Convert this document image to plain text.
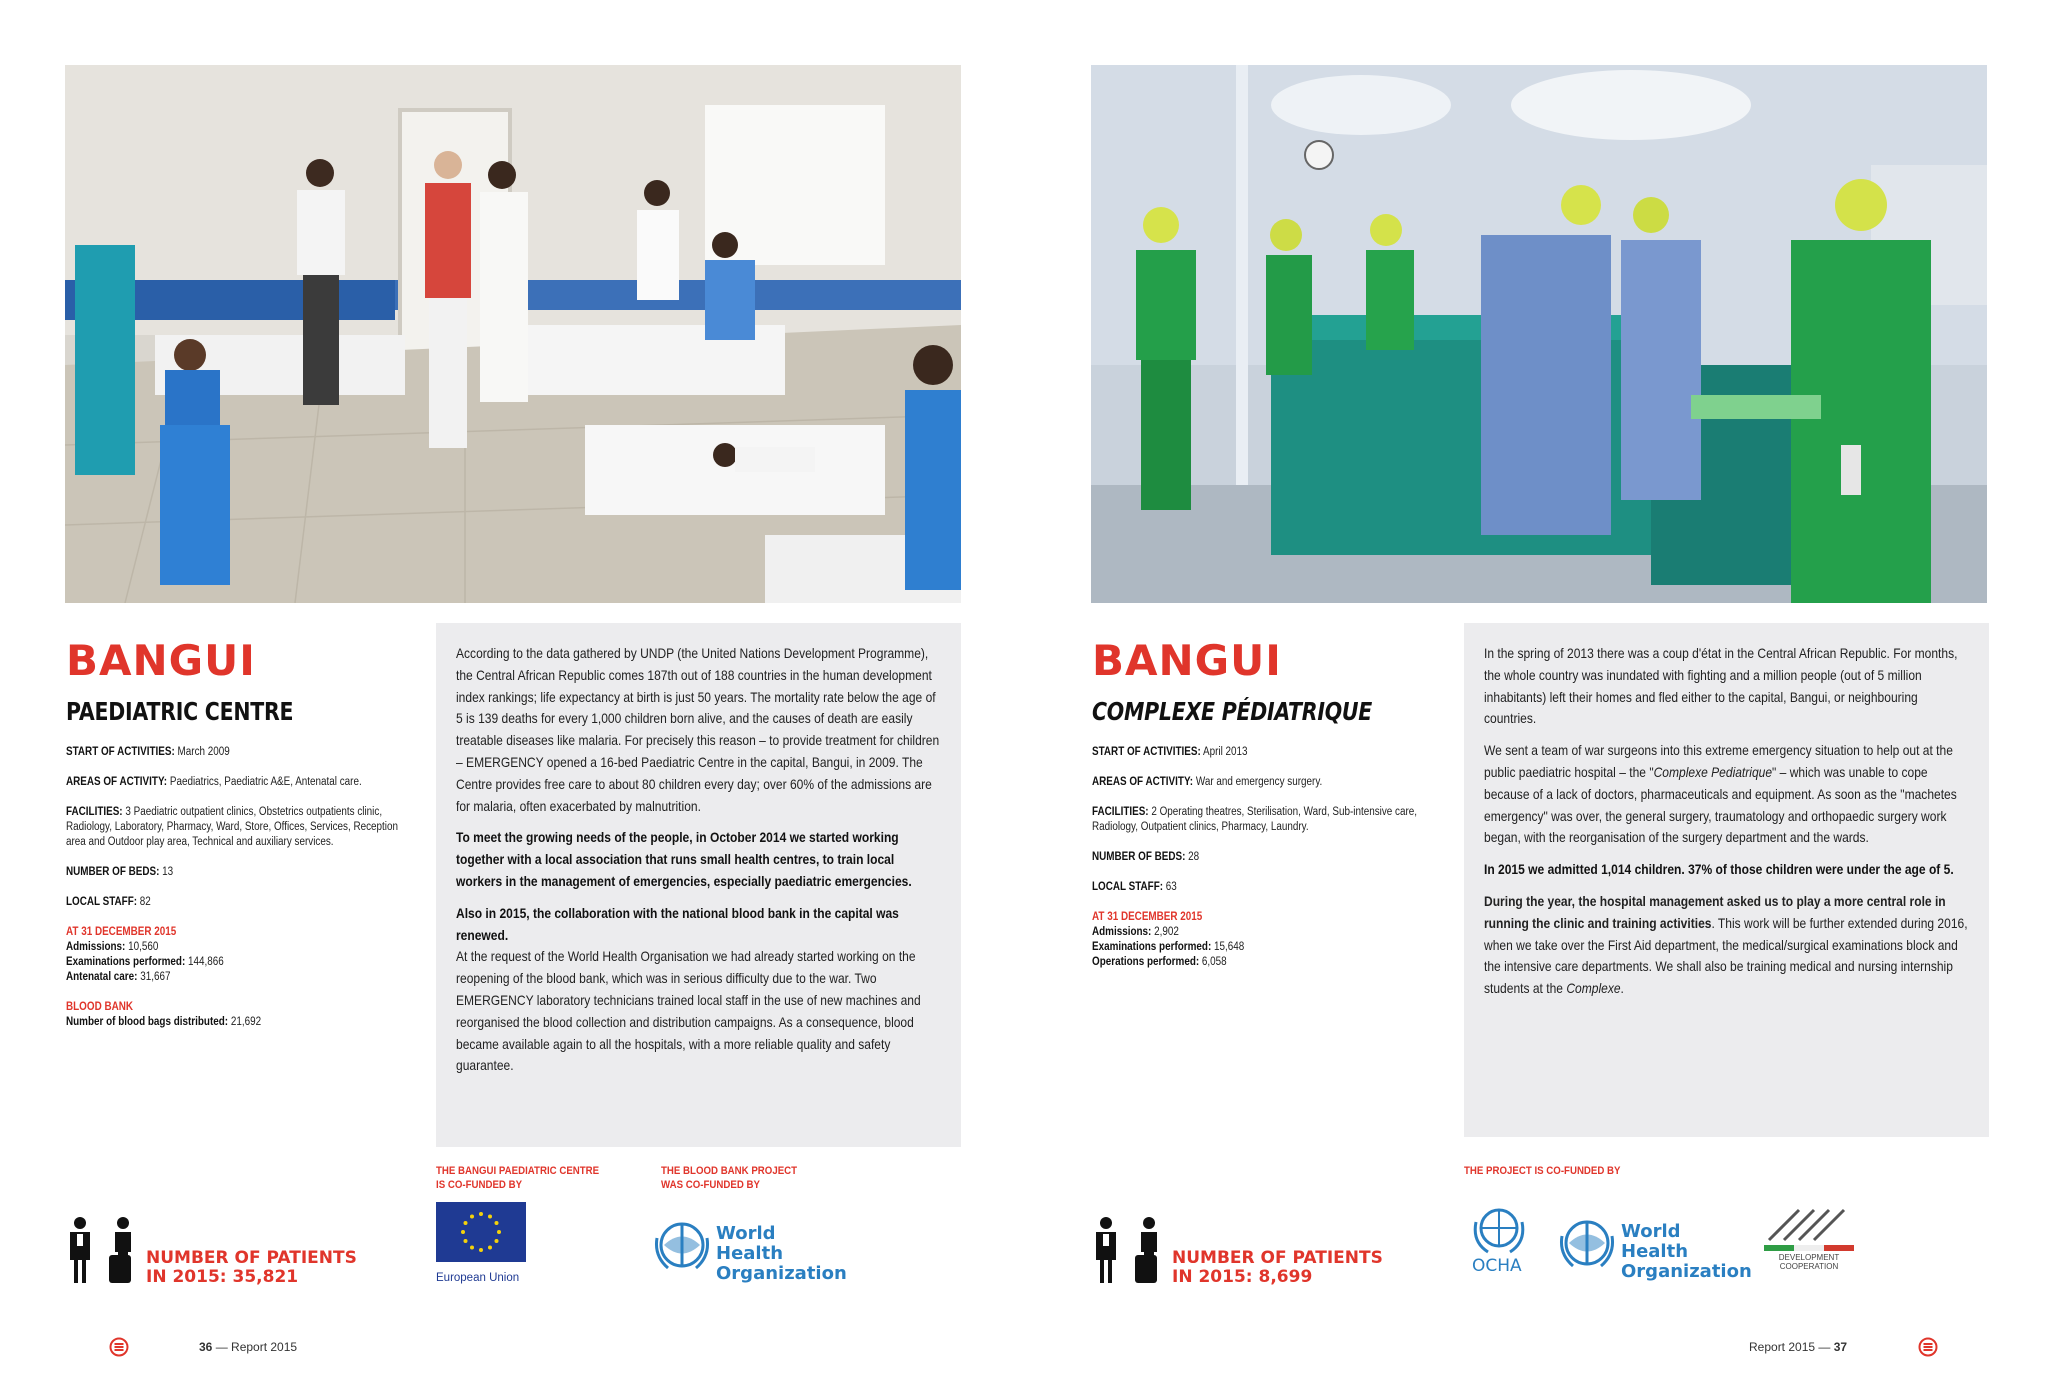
BANGUI
PAEDIATRIC CENTRE
START OF ACTIVITIES: March 2009
AREAS OF ACTIVITY: Paediatrics, Paediatric A&E, Antenatal care.
FACILITIES: 3 Paediatric outpatient clinics, Obstetrics outpatients clinic, Radiology, Laboratory, Pharmacy, Ward, Store, Offices, Services, Reception area and Outdoor play area, Technical and auxiliary services.
NUMBER OF BEDS: 13
LOCAL STAFF: 82
AT 31 DECEMBER 2015
Admissions: 10,560
Examinations performed: 144,866
Antenatal care: 31,667
BLOOD BANK
Number of blood bags distributed: 21,692

According to the data gathered by UNDP (the United Nations Development Programme), the Central African Republic comes 187th out of 188 countries in the human development index rankings; life expectancy at birth is just 50 years. The mortality rate below the age of 5 is 139 deaths for every 1,000 children born alive, and the causes of death are easily treatable diseases like malaria. For precisely this reason – to provide treatment for children – EMERGENCY opened a 16-bed Paediatric Centre in the capital, Bangui, in 2009. The Centre provides free care to about 80 children every day; over 60% of the admissions are for malaria, often exacerbated by malnutrition.

To meet the growing needs of the people, in October 2014 we started working together with a local association that runs small health centres, to train local workers in the management of emergencies, especially paediatric emergencies.

Also in 2015, the collaboration with the national blood bank in the capital was renewed.

At the request of the World Health Organisation we had already started working on the reopening of the blood bank, which was in serious difficulty due to the war. Two EMERGENCY laboratory technicians trained local staff in the use of new machines and reorganised the blood collection and distribution campaigns. As a consequence, blood became available again to all the hospitals, with a more reliable quality and safety guarantee.

THE BANGUI PAEDIATRIC CENTRE
IS CO-FUNDED BY
European Union
THE BLOOD BANK PROJECT
WAS CO-FUNDED BY
World Health
Organization
NUMBER OF PATIENTS
IN 2015: 35,821
36 — Report 2015
BANGUI
COMPLEXE PÉDIATRIQUE
START OF ACTIVITIES: April 2013
AREAS OF ACTIVITY: War and emergency surgery.
FACILITIES: 2 Operating theatres, Sterilisation, Ward, Sub-intensive care, Radiology, Outpatient clinics, Pharmacy, Laundry.
NUMBER OF BEDS: 28
LOCAL STAFF: 63
AT 31 DECEMBER 2015
Admissions: 2,902
Examinations performed: 15,648
Operations performed: 6,058

In the spring of 2013 there was a coup d'état in the Central African Republic. For months, the whole country was inundated with fighting and a million people (out of 5 million inhabitants) left their homes and fled either to the capital, Bangui, or neighbouring countries.

We sent a team of war surgeons into this extreme emergency situation to help out at the public paediatric hospital – the "Complexe Pediatrique" – which was unable to cope because of a lack of doctors, pharmaceuticals and equipment. As soon as the "machetes emergency" was over, the general surgery, traumatology and orthopaedic surgery work began, with the reorganisation of the surgery department and the wards.

In 2015 we admitted 1,014 children. 37% of those children were under the age of 5.

During the year, the hospital management asked us to play a more central role in running the clinic and training activities. This work will be further extended during 2016, when we take over the First Aid department, the medical/surgical examinations block and the intensive care departments. We shall also be training medical and nursing internship students at the Complexe.

THE PROJECT IS CO-FUNDED BY
OCHA
World Health
Organization
DEVELOPMENT COOPERATION
NUMBER OF PATIENTS
IN 2015: 8,699
Report 2015 — 37
